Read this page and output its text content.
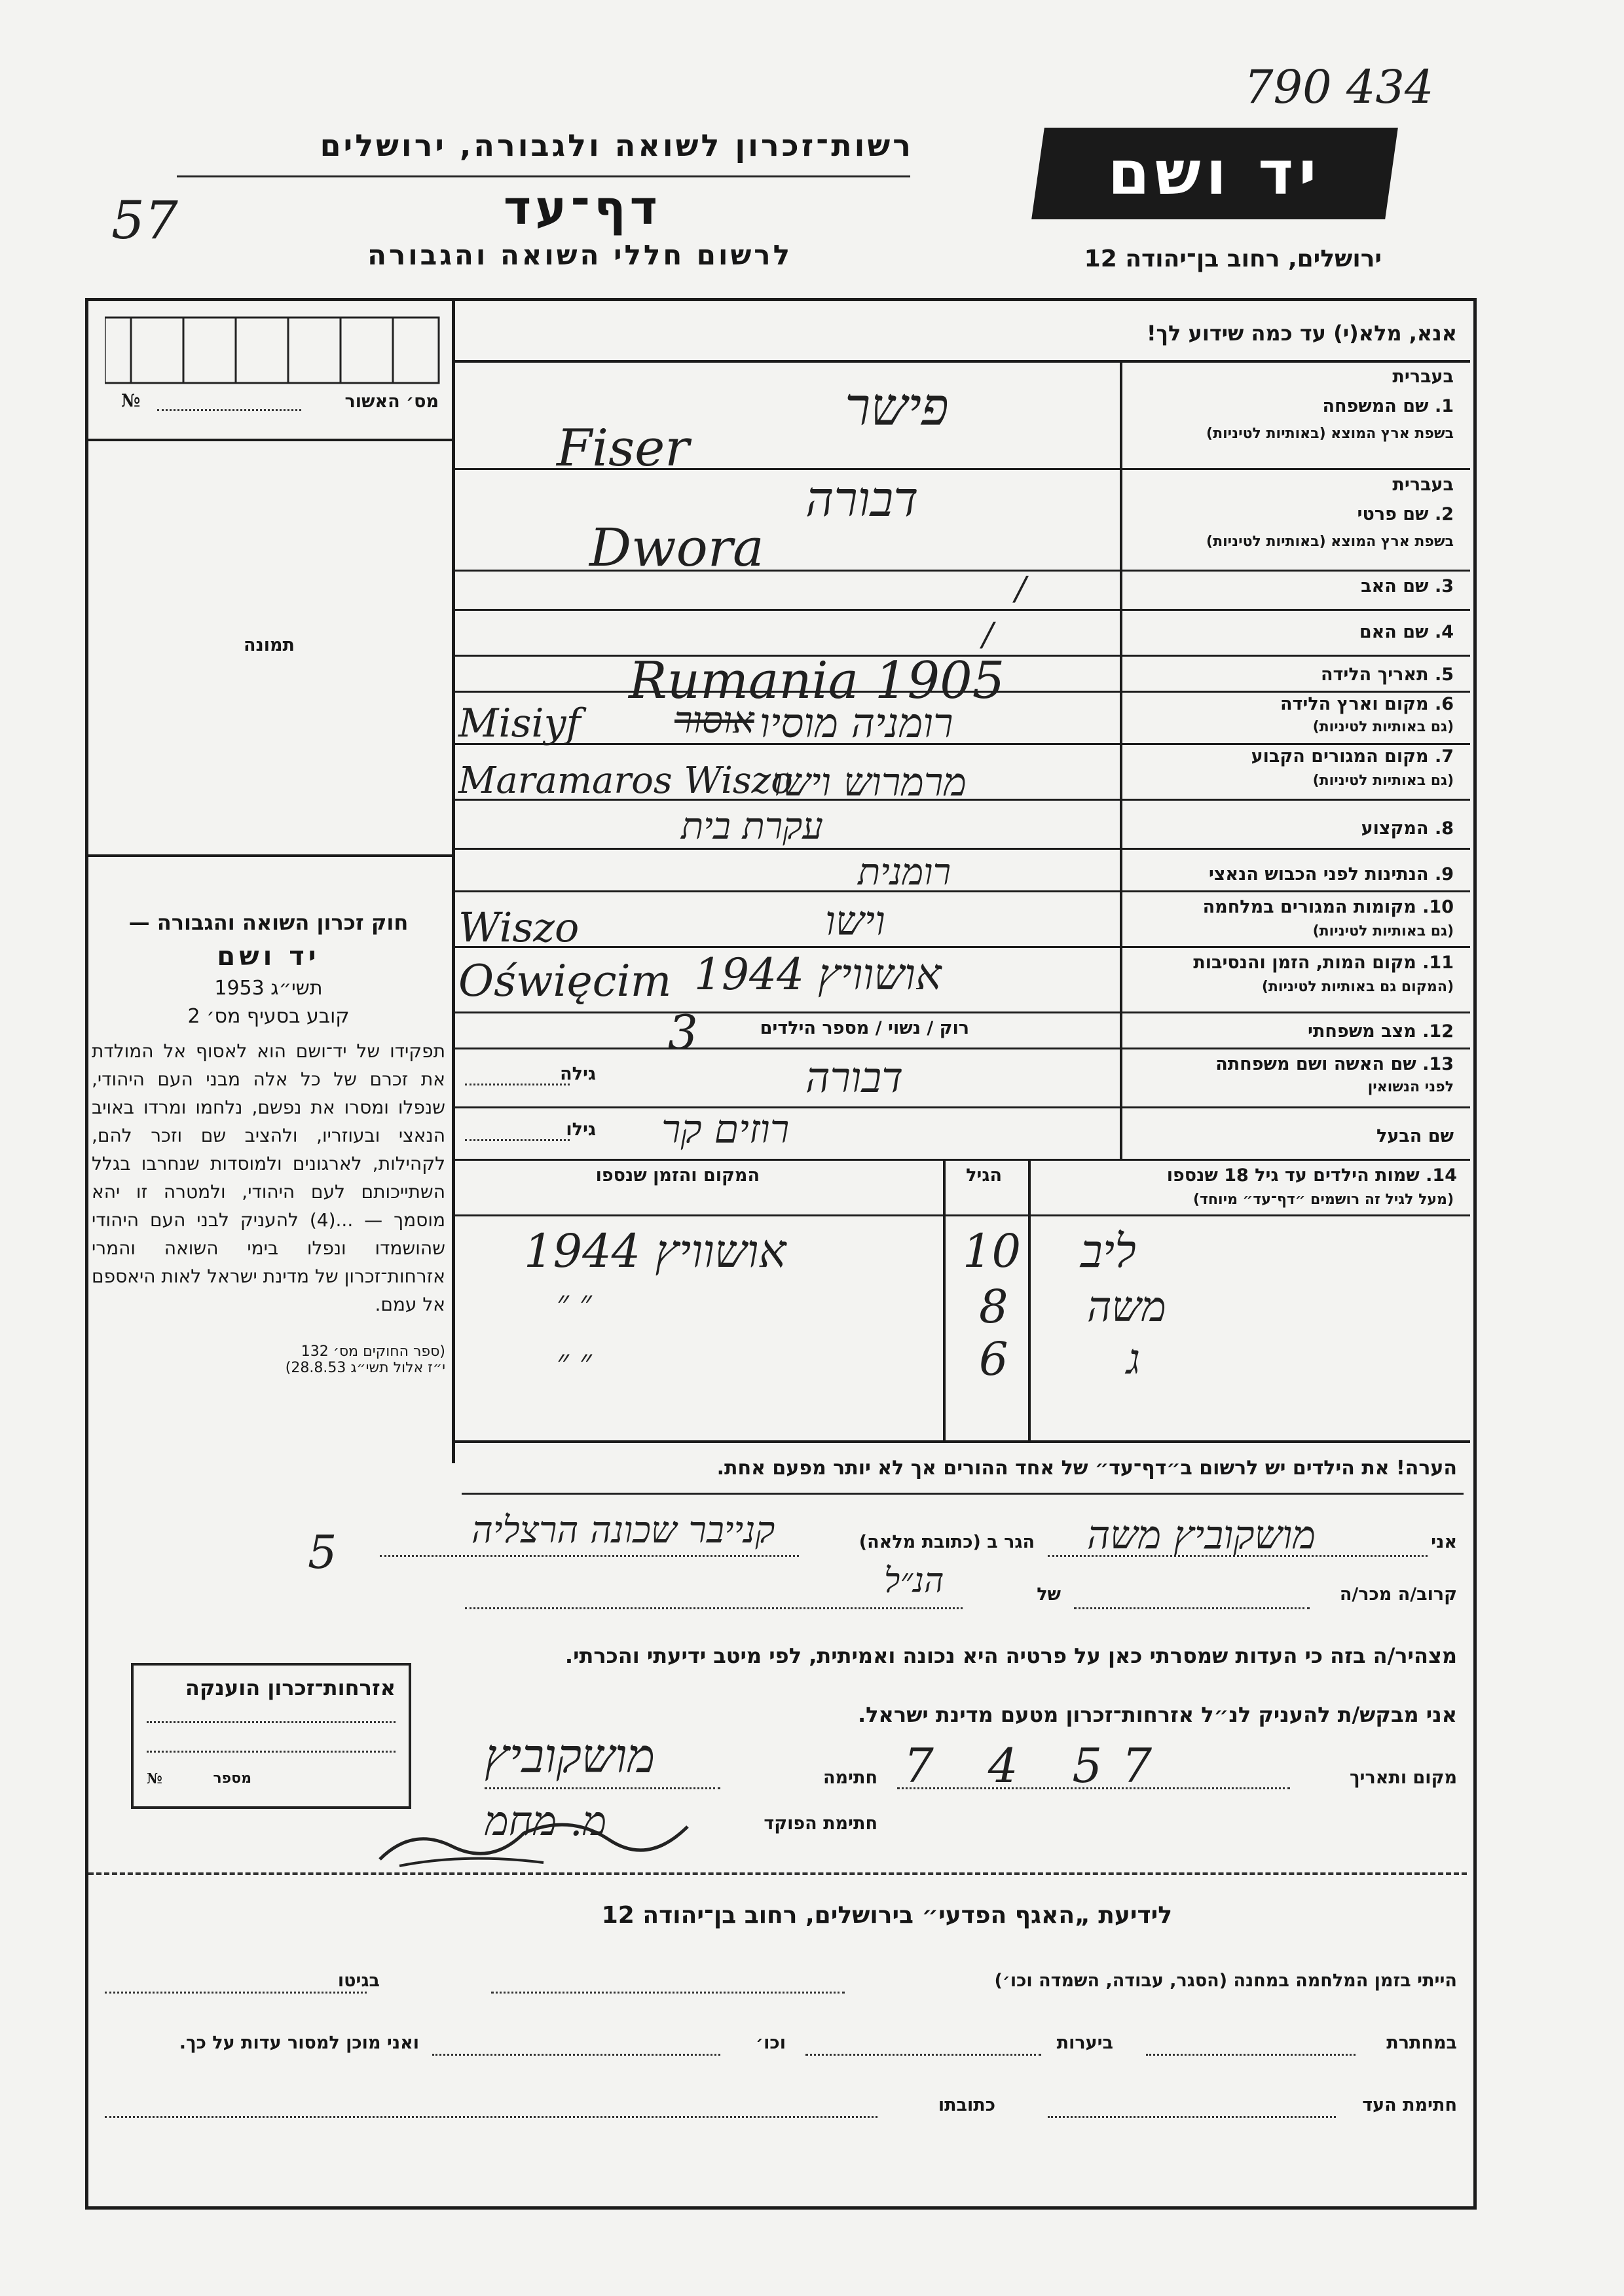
790 434
57
רשות־זכרון לשואה ולגבורה, ירושלים
דף־עד
לרשום חללי השואה והגבורה
יד ושם
ירושלים, רחוב בן־יהודה 12
מס׳ האשור
№
תמונה
חוק זכרון השואה והגבורה —
יד ושם
תשי״ג 1953
קובע בסעיף מס׳ 2
תפקידו של יד־ושם הוא לאסוף אל המולדת את זכרם של כל אלה מבני העם היהודי, שנפלו ומסרו את נפשם, נלחמו ומרדו באויב הנאצי ובעוזריו, ולהציב שם וזכר להם, לקהילות, לארגונים ולמוסדות שנחרבו בגלל השתייכותם לעם היהודי, ולמטרה זו יהא מוסמך — ...(4) להעניק לבני העם היהודי שהושמדו ונפלו בימי השואה והמרי אזרחות־זכרון של מדינת ישראל לאות היאספם אל עמם.
(ספר החוקים מס׳ 132
י״ז אלול תשי״ג 28.8.53)
אנא, מלא(י) עד כמה שידוע לך!
בעברית
1. שם המשפחה
בשפת ארץ המוצא (באותיות לטיניות)
בעברית
2. שם פרטי
בשפת ארץ המוצא (באותיות לטיניות)
3. שם האב
4. שם האם
5. תאריך הלידה
6. מקום וארץ הלידה
(גם באותיות לטיניות)
7. מקום המגורים הקבוע
(גם באותיות לטיניות)
8. המקצוע
9. הנתינות לפני הכבוש הנאצי
10. מקומות המגורים במלחמה
(גם באותיות לטיניות)
11. מקום המות, הזמן והנסיבות
(המקום גם באותיות לטיניות)
12. מצב משפחתי
13. שם האשה ושם משפחתה
לפני הנשואין
שם הבעל
פישר
Fiser
דבורה
Dwora
/
/
Rumania 1905
רומניה מוסיו
אוסור
Misiyf
מרמרוש וישו
Maramaros Wiszo
עקרת בית
רומנית
וישו
Wiszo
אושוויץ 1944
Oświęcim
רוק / נשוי / מספר הילדים
3
גילה	דבורה
גילו רוזים קר
14. שמות הילדים עד גיל 18 שנספו
(מעל לגיל זה רושמים ״דף־עד״ מיוחד)
הגיל
המקום והזמן שנספו
ליב
10
אושוויץ 1944
משה
8
״ ״
ג
6
״ ״
הערה! את הילדים יש לרשום ב״דף־עד״ של אחד ההורים אך לא יותר מפעם אחת.
אני
מושקוביץ משה
הגר ב (כתובת מלאה)
קנייבר שכונה הרצליה
5
קרוב/ה מכר/ה
של
הנ״ל
מצהיר/ה בזה כי העדות שמסרתי כאן על פרטיה היא נכונה ואמיתית, לפי מיטב ידיעתי והכרתי.
אני מבקש/ת להעניק לנ״ל אזרחות־זכרון מטעם מדינת ישראל.
מקום ותאריך
7 4 57
חתימה
מושקוביץ
חתימת הפוקד
מ. מחמ
אזרחות־זכרון הוענקה
מספר
№
לידיעת „האגף הפדעי״ בירושלים, רחוב בן־יהודה 12
הייתי בזמן המלחמה במחנה (הסגר, עבודה, השמדה וכו׳)
בגיטו
במחתרת
ביערות
וכו׳
ואני מוכן למסור עדות על כך.
חתימת העד
כתובתו
